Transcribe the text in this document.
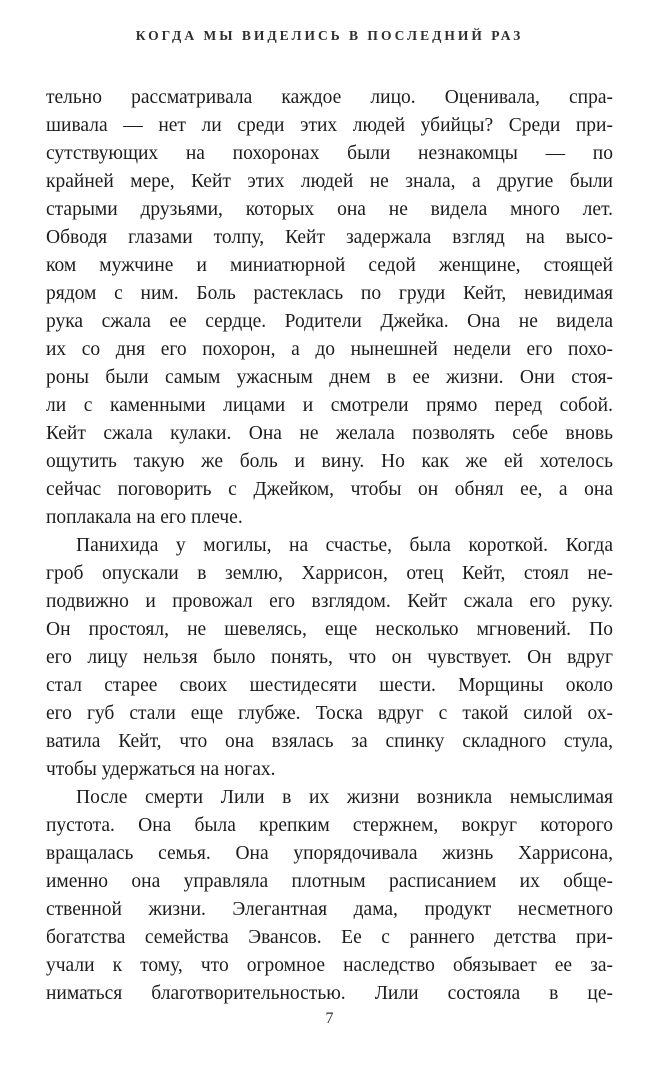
КОГДА МЫ ВИДЕЛИСЬ В ПОСЛЕДНИЙ РАЗ

тельно рассматривала каждое лицо. Оценивала, спра-
шивала — нет ли среди этих людей убийцы? Среди при-
сутствующих на похоронах были незнакомцы — по
крайней мере, Кейт этих людей не знала, а другие были
старыми друзьями, которых она не видела много лет.
Обводя глазами толпу, Кейт задержала взгляд на высо-
ком мужчине и миниатюрной седой женщине, стоящей
рядом с ним. Боль растеклась по груди Кейт, невидимая
рука сжала ее сердце. Родители Джейка. Она не видела
их со дня его похорон, а до нынешней недели его похо-
роны были самым ужасным днем в ее жизни. Они стоя-
ли с каменными лицами и смотрели прямо перед собой.
Кейт сжала кулаки. Она не желала позволять себе вновь
ощутить такую же боль и вину. Но как же ей хотелось
сейчас поговорить с Джейком, чтобы он обнял ее, а она
поплакала на его плече.

Панихида у могилы, на счастье, была короткой. Когда
гроб опускали в землю, Харрисон, отец Кейт, стоял не-
подвижно и провожал его взглядом. Кейт сжала его руку.
Он простоял, не шевелясь, еще несколько мгновений. По
его лицу нельзя было понять, что он чувствует. Он вдруг
стал старее своих шестидесяти шести. Морщины около
его губ стали еще глубже. Тоска вдруг с такой силой ох-
ватила Кейт, что она взялась за спинку складного стула,
чтобы удержаться на ногах.

После смерти Лили в их жизни возникла немыслимая
пустота. Она была крепким стержнем, вокруг которого
вращалась семья. Она упорядочивала жизнь Харрисона,
именно она управляла плотным расписанием их обще-
ственной жизни. Элегантная дама, продукт несметного
богатства семейства Эвансов. Ее с раннего детства при-
учали к тому, что огромное наследство обязывает ее за-
ниматься благотворительностью. Лили состояла в це-

7
